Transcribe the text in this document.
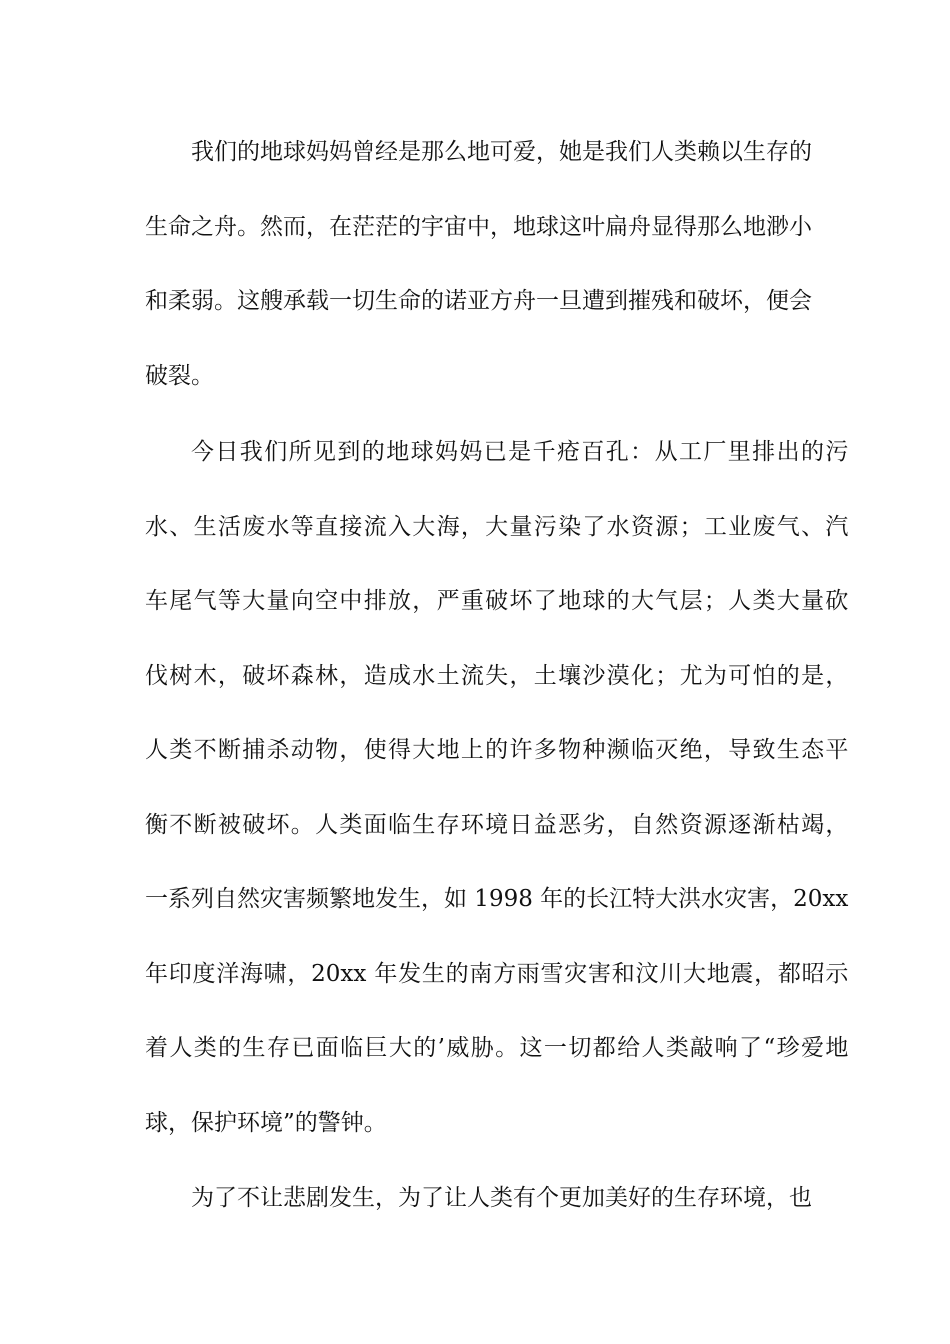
我们的地球妈妈曾经是那么地可爱，她是我们人类赖以生存的
生命之舟。然而，在茫茫的宇宙中，地球这叶扁舟显得那么地渺小
和柔弱。这艘承载一切生命的诺亚方舟一旦遭到摧残和破坏，便会
破裂。
今日我们所见到的地球妈妈已是千疮百孔：从工厂里排出的污
水、生活废水等直接流入大海，大量污染了水资源；工业废气、汽
车尾气等大量向空中排放，严重破坏了地球的大气层；人类大量砍
伐树木，破坏森林，造成水土流失，土壤沙漠化；尤为可怕的是，
人类不断捕杀动物，使得大地上的许多物种濒临灭绝，导致生态平
衡不断被破坏。人类面临生存环境日益恶劣，自然资源逐渐枯竭，
一系列自然灾害频繁地发生，如 1998 年的长江特大洪水灾害，20xx
年印度洋海啸，20xx 年发生的南方雨雪灾害和汶川大地震，都昭示
着人类的生存已面临巨大的’威胁。这一切都给人类敲响了“珍爱地
球，保护环境”的警钟。
为了不让悲剧发生，为了让人类有个更加美好的生存环境，也
